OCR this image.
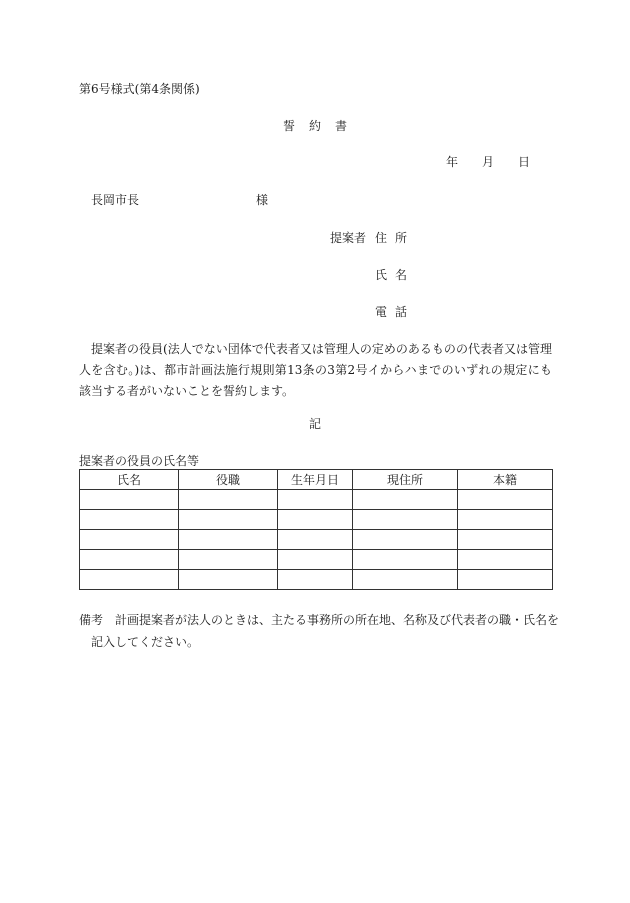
第6号様式(第4条関係)
誓 約 書
年 月 日
長岡市長	様
提案者 住所
氏名
電話
提案者の役員(法人でない団体で代表者又は管理人の定めのあるものの代表者又は管理人を含む。)は、都市計画法施行規則第13条の3第2号イからハまでのいずれの規定にも該当する者がいないことを誓約します。
記
提案者の役員の氏名等
氏名	役職	生年月日	現住所	本籍

備考　計画提案者が法人のときは、主たる事務所の所在地、名称及び代表者の職・氏名を
記入してください。
